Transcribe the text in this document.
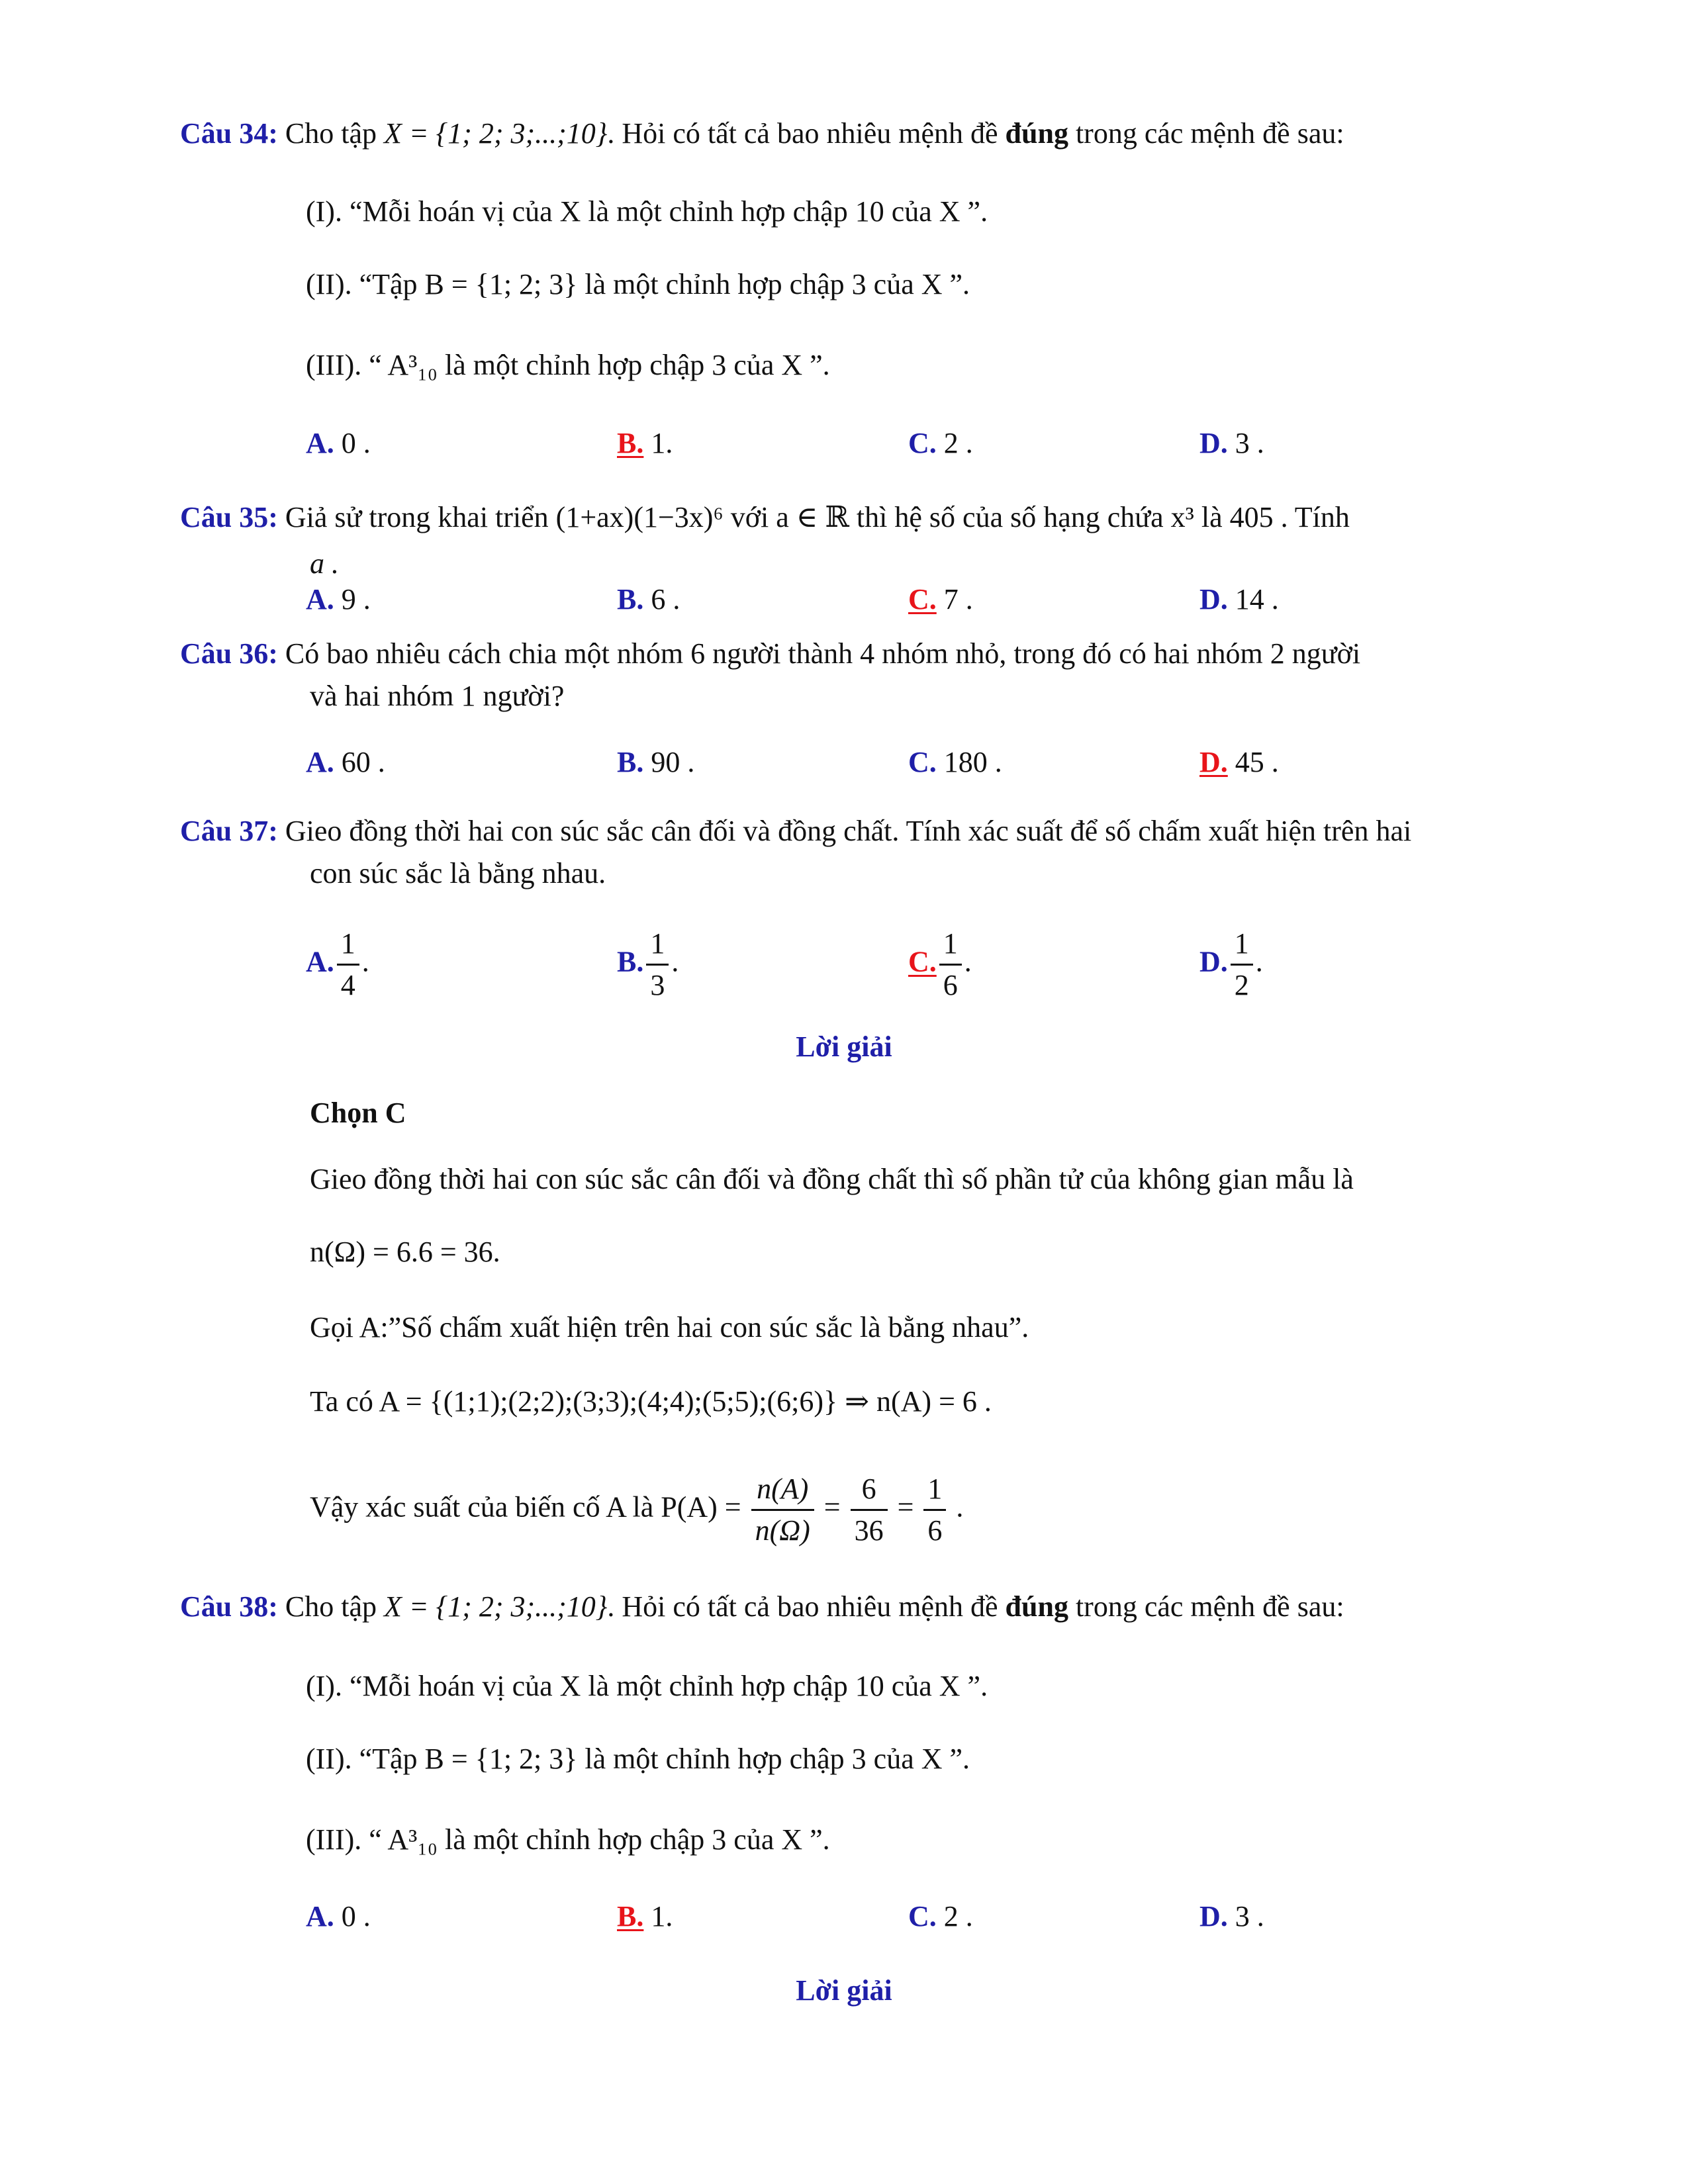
Câu 34: Cho tập X = {1; 2; 3;...;10}. Hỏi có tất cả bao nhiêu mệnh đề đúng trong các mệnh đề sau:
(I). “Mỗi hoán vị của X là một chỉnh hợp chập 10 của X ”.
(II). “Tập B = {1; 2; 3} là một chỉnh hợp chập 3 của X ”.
(III). “ A³₁₀ là một chỉnh hợp chập 3 của X ”.
A. 0 .	B. 1.	C. 2 .	D. 3 .
Câu 35: Giả sử trong khai triển (1+ax)(1−3x)⁶ với a ∈ ℝ thì hệ số của số hạng chứa x³ là 405 . Tính
a .
A. 9 .	B. 6 .	C. 7 .	D. 14 .
Câu 36: Có bao nhiêu cách chia một nhóm 6 người thành 4 nhóm nhỏ, trong đó có hai nhóm 2 người
và hai nhóm 1 người?
A. 60 .	B. 90 .	C. 180 .	D. 45 .
Câu 37: Gieo đồng thời hai con súc sắc cân đối và đồng chất. Tính xác suất để số chấm xuất hiện trên hai
con súc sắc là bằng nhau.
A. $\frac{1}{4}$ .	B. $\frac{1}{3}$ .	C. $\frac{1}{6}$ .	D. $\frac{1}{2}$ .
Lời giải
Chọn C
Gieo đồng thời hai con súc sắc cân đối và đồng chất thì số phần tử của không gian mẫu là
n(Ω) = 6.6 = 36.
Gọi A:”Số chấm xuất hiện trên hai con súc sắc là bằng nhau”.
Ta có A = {(1;1);(2;2);(3;3);(4;4);(5;5);(6;6)} ⇒ n(A) = 6 .
Vậy xác suất của biến cố A là $P(A) = \frac{n(A)}{n(\Omega)} = \frac{6}{36} = \frac{1}{6}$ .
Câu 38: Cho tập X = {1; 2; 3;...;10}. Hỏi có tất cả bao nhiêu mệnh đề đúng trong các mệnh đề sau:
(I). “Mỗi hoán vị của X là một chỉnh hợp chập 10 của X ”.
(II). “Tập B = {1; 2; 3} là một chỉnh hợp chập 3 của X ”.
(III). “ A³₁₀ là một chỉnh hợp chập 3 của X ”.
A. 0 .	B. 1.	C. 2 .	D. 3 .
Lời giải
